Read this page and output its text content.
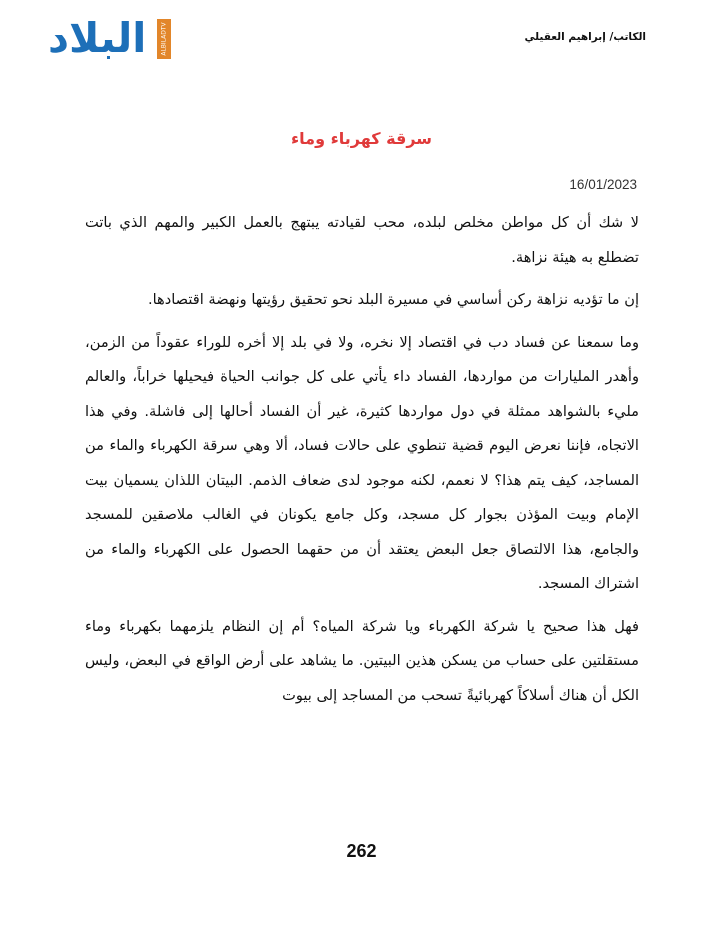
البلاد ALBILADTV	الكاتب/ إبراهيم العقيلي
سرقة كهرباء وماء
16/01/2023

لا شك أن كل مواطن مخلص لبلده، محب لقيادته يبتهج بالعمل الكبير والمهم الذي باتت تضطلع به هيئة نزاهة.

إن ما تؤديه نزاهة ركن أساسي في مسيرة البلد نحو تحقيق رؤيتها ونهضة اقتصادها.

وما سمعنا عن فساد دب في اقتصاد إلا نخره، ولا في بلد إلا أخره للوراء عقوداً من الزمن، وأهدر المليارات من مواردها، الفساد داء يأتي على كل جوانب الحياة فيحيلها خراباً، والعالم مليء بالشواهد ممثلة في دول مواردها كثيرة، غير أن الفساد أحالها إلى فاشلة. وفي هذا الاتجاه، فإننا نعرض اليوم قضية تنطوي على حالات فساد، ألا وهي سرقة الكهرباء والماء من المساجد، كيف يتم هذا؟ لا نعمم، لكنه موجود لدى ضعاف الذمم. البيتان اللذان يسميان بيت الإمام وبيت المؤذن بجوار كل مسجد، وكل جامع يكونان في الغالب ملاصقين للمسجد والجامع، هذا الالتصاق جعل البعض يعتقد أن من حقهما الحصول على الكهرباء والماء من اشتراك المسجد.

فهل هذا صحيح يا شركة الكهرباء ويا شركة المياه؟ أم إن النظام يلزمهما بكهرباء وماء مستقلتين على حساب من يسكن هذين البيتين. ما يشاهد على أرض الواقع في البعض، وليس الكل أن هناك أسلاكاً كهربائيةً تسحب من المساجد إلى بيوت

262
